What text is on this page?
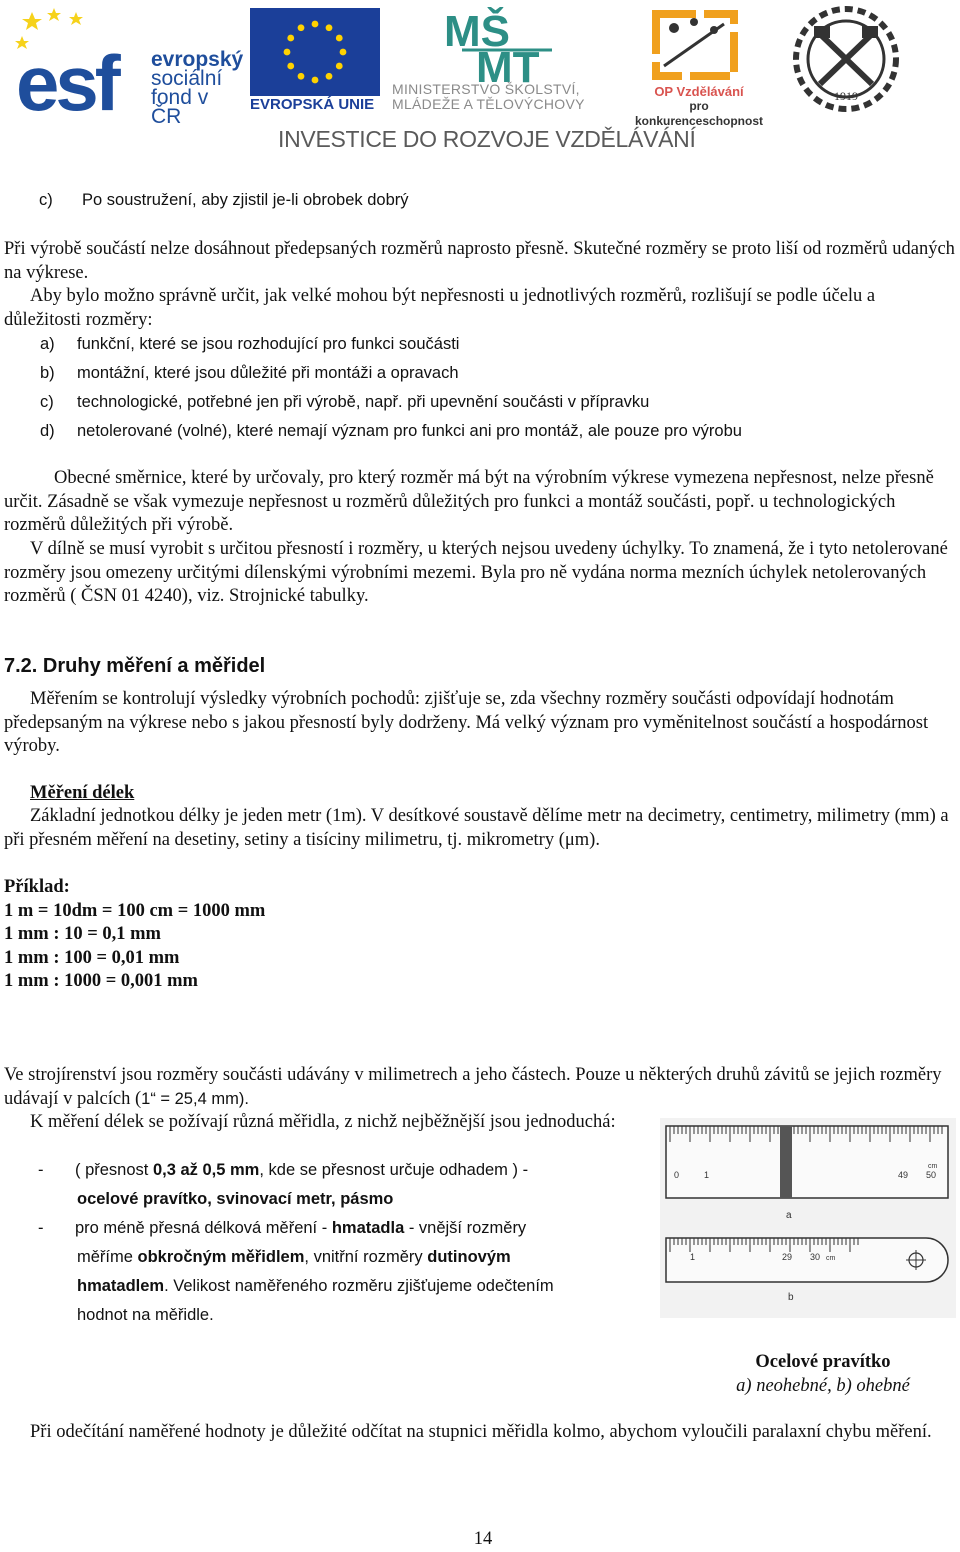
esf evropský
sociální
fond v ČR
EVROPSKÁ UNIE
MŠ
MT
MINISTERSTVO ŠKOLSTVÍ,
MLÁDEŽE A TĚLOVÝCHOVY
OP Vzdělávání
pro konkurenceschopnost
1919
INVESTICE DO ROZVOJE VZDĚLÁVÁNÍ
c) Po soustružení, aby zjistil je-li obrobek dobrý
Při výrobě součástí nelze dosáhnout předepsaných rozměrů naprosto přesně. Skutečné rozměry se proto liší od rozměrů udaných na výkrese.
Aby bylo možno správně určit, jak velké mohou být nepřesnosti u jednotlivých rozměrů, rozlišují se podle účelu a důležitosti rozměry:
a) funkční, které se jsou rozhodující pro funkci součásti
b) montážní, které jsou důležité při montáži a opravach
c) technologické, potřebné jen při výrobě, např. při upevnění součásti v přípravku
d) netolerované (volné), které nemají význam pro funkci ani pro montáž, ale pouze pro výrobu
Obecné směrnice, které by určovaly, pro který rozměr má být na výrobním výkrese vymezena nepřesnost, nelze přesně určit. Zásadně se však vymezuje nepřesnost u rozměrů důležitých pro funkci a montáž součásti, popř. u technologických rozměrů důležitých při výrobě.
V dílně se musí vyrobit s určitou přesností i rozměry, u kterých nejsou uvedeny úchylky. To znamená, že i tyto netolerované rozměry jsou omezeny určitými dílenskými výrobními mezemi. Byla pro ně vydána norma mezních úchylek netolerovaných rozměrů ( ČSN 01 4240), viz. Strojnické tabulky.
7.2. Druhy měření a měřidel
Měřením se kontrolují výsledky výrobních pochodů: zjišťuje se, zda všechny rozměry součásti odpovídají hodnotám předepsaným na výkrese nebo s jakou přesností byly dodrženy. Má velký význam pro vyměnitelnost součástí a hospodárnost výroby.
Měření délek
Základní jednotkou délky je jeden metr (1m). V desítkové soustavě dělíme metr na decimetry, centimetry, milimetry (mm) a při přesném měření na desetiny, setiny a tisíciny milimetru, tj. mikrometry (μm).
Příklad:
1 m = 10dm = 100 cm = 1000 mm
1 mm : 10 = 0,1 mm
1 mm : 100 = 0,01 mm
1 mm : 1000 = 0,001 mm
Ve strojírenství jsou rozměry součásti udávány v milimetrech a jeho částech. Pouze u některých druhů závitů se jejich rozměry udávají v palcích (1“ = 25,4 mm).
K měření délek se požívají různá měřidla, z nichž nejběžnější jsou jednoduchá:
- ( přesnost 0,3 až 0,5 mm, kde se přesnost určuje odhadem ) -
ocelové pravítko, svinovací metr, pásmo
- pro méně přesná délková měření - hmatadla - vnější rozměry
měříme obkročným měřidlem, vnitřní rozměry dutinovým
hmatadlem. Velikost naměřeného rozměru zjišťujeme odečtením
hodnot na měřidle.
0	1	49 50
cm
a
1	29 30 cm
b
Ocelové pravítko
a) neohebné, b) ohebné
Při odečítání naměřené hodnoty je důležité odčítat na stupnici měřidla kolmo, abychom vyloučili paralaxní chybu měření.
14
